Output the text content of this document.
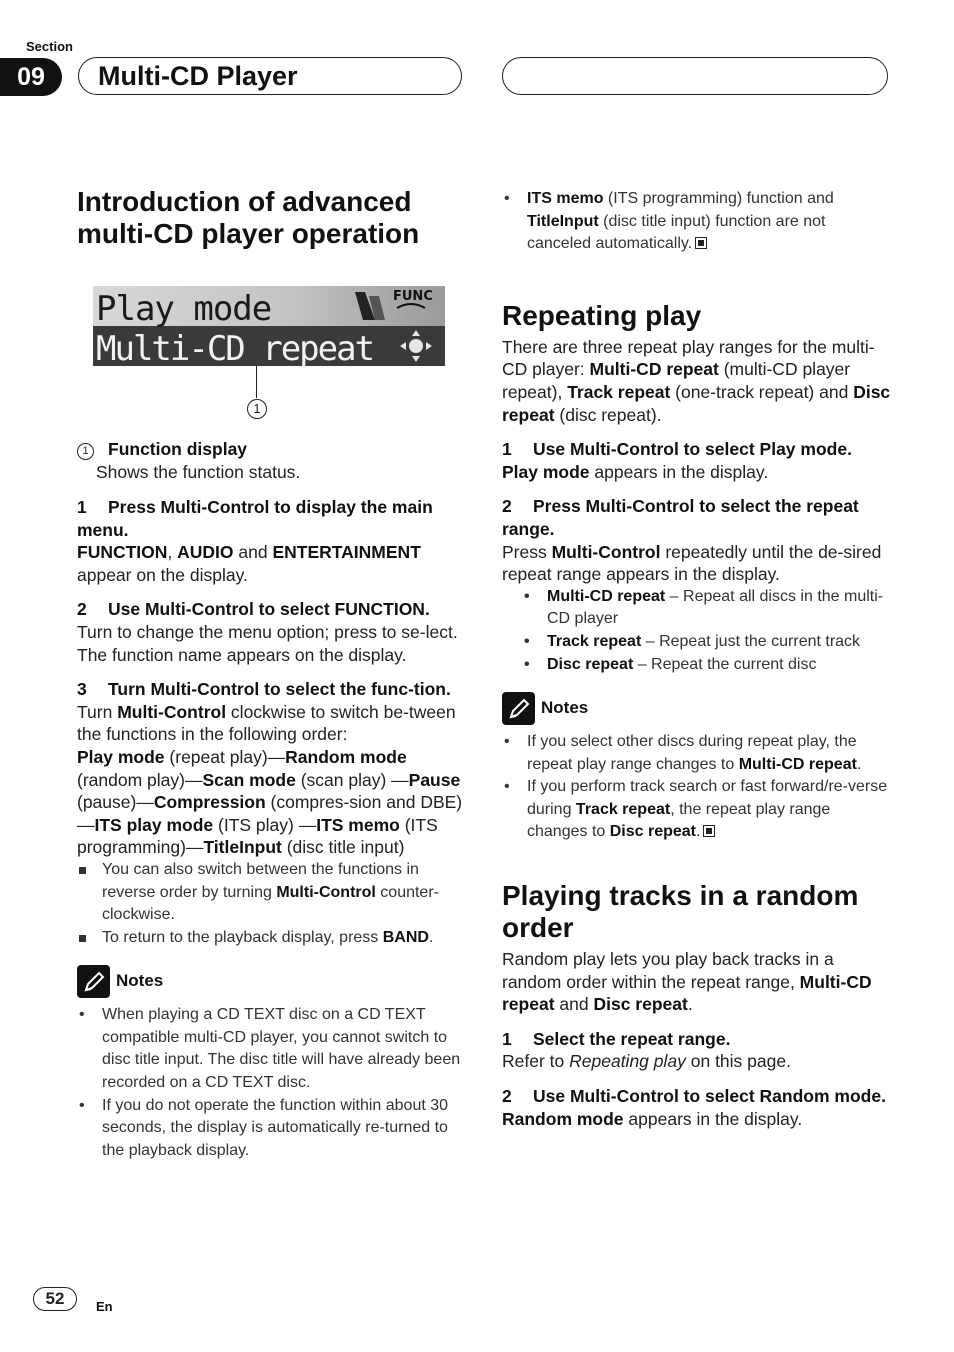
Section
09	Multi-CD Player
Introduction of advanced multi-CD player operation
Play mode
Multi-CD repeat
FUNC
1
1 Function display
Shows the function status.
1 Press Multi-Control to display the main menu.

FUNCTION, AUDIO and ENTERTAINMENT
appear on the display.

2 Use Multi-Control to select FUNCTION.

Turn to change the menu option; press to se-lect.

The function name appears on the display.

3 Turn Multi-Control to select the func-tion.

Turn Multi-Control clockwise to switch be-tween the functions in the following order:

Play mode (repeat play)—Random mode (random play)—Scan mode (scan play) —Pause (pause)—Compression (compres-sion and DBE)—ITS play mode (ITS play) —ITS memo (ITS programming)—TitleInput (disc title input)

You can also switch between the functions in reverse order by turning Multi-Control counter-clockwise.
To return to the playback display, press BAND.
Notes
• When playing a CD TEXT disc on a CD TEXT compatible multi-CD player, you cannot switch to disc title input. The disc title will have already been recorded on a CD TEXT disc.
• If you do not operate the function within about 30 seconds, the display is automatically re-turned to the playback display.
• ITS memo (ITS programming) function and TitleInput (disc title input) function are not canceled automatically.
Repeating play

There are three repeat play ranges for the multi-CD player: Multi-CD repeat (multi-CD player repeat), Track repeat (one-track repeat) and Disc repeat (disc repeat).

1 Use Multi-Control to select Play mode.

Play mode appears in the display.

2 Press Multi-Control to select the repeat range.

Press Multi-Control repeatedly until the de-sired repeat range appears in the display.

• Multi-CD repeat – Repeat all discs in the multi-CD player
• Track repeat – Repeat just the current track
• Disc repeat – Repeat the current disc
Notes
• If you select other discs during repeat play, the repeat play range changes to Multi-CD repeat.
• If you perform track search or fast forward/re-verse during Track repeat, the repeat play range changes to Disc repeat.
Playing tracks in a random order

Random play lets you play back tracks in a random order within the repeat range, Multi-CD repeat and Disc repeat.

1 Select the repeat range.

Refer to Repeating play on this page.

2 Use Multi-Control to select Random mode.

Random mode appears in the display.

52	En
